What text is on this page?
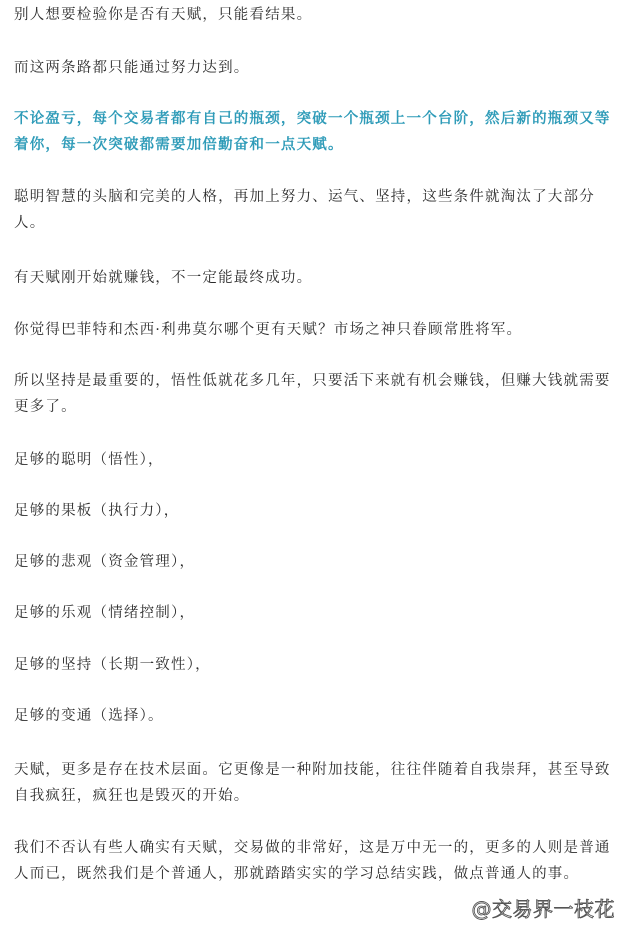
别人想要检验你是否有天赋，只能看结果。

而这两条路都只能通过努力达到。

不论盈亏，每个交易者都有自己的瓶颈，突破一个瓶颈上一个台阶，然后新的瓶颈又等着你，每一次突破都需要加倍勤奋和一点天赋。

聪明智慧的头脑和完美的人格，再加上努力、运气、坚持，这些条件就淘汰了大部分人。

有天赋刚开始就赚钱，不一定能最终成功。

你觉得巴菲特和杰西·利弗莫尔哪个更有天赋？市场之神只眷顾常胜将军。

所以坚持是最重要的，悟性低就花多几年，只要活下来就有机会赚钱，但赚大钱就需要更多了。

足够的聪明（悟性），

足够的果板（执行力），

足够的悲观（资金管理），

足够的乐观（情绪控制），

足够的坚持（长期一致性），

足够的变通（选择）。

天赋，更多是存在技术层面。它更像是一种附加技能，往往伴随着自我崇拜，甚至导致自我疯狂，疯狂也是毁灭的开始。

我们不否认有些人确实有天赋，交易做的非常好，这是万中无一的，更多的人则是普通人而已，既然我们是个普通人，那就踏踏实实的学习总结实践，做点普通人的事。

@交易界一枝花
